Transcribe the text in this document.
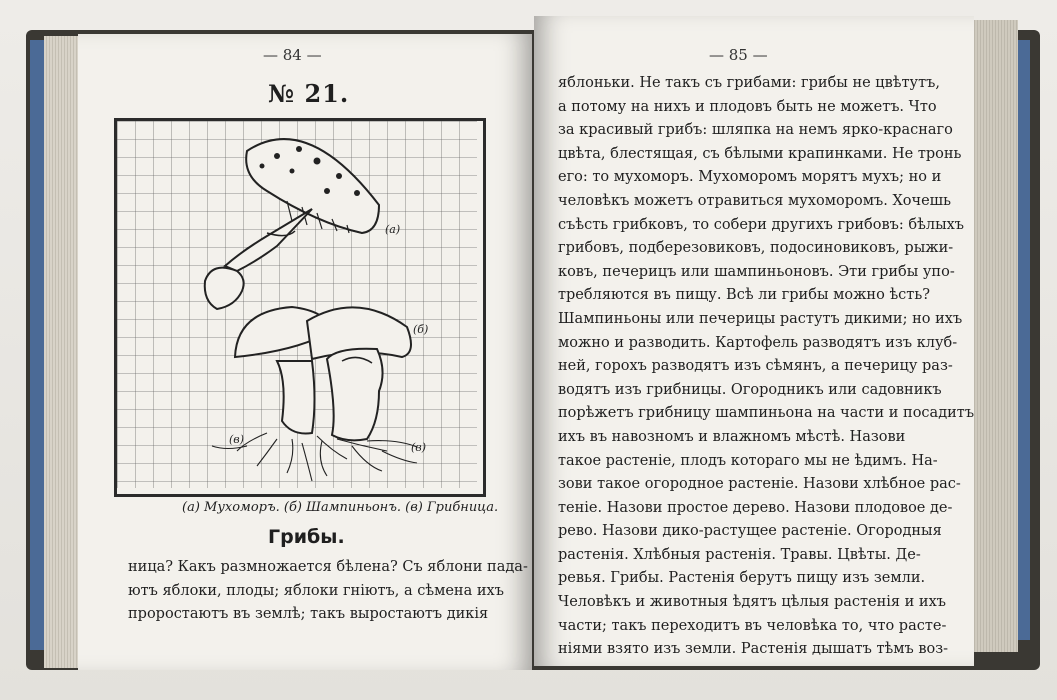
— 84 —
№ 21.
(а)
(б)
(в)
(в)
(а) Мухоморъ. (б) Шампиньонъ. (в) Грибница.
Грибы.
ница? Какъ размножается бѣлена? Съ яблони пада-
ютъ яблоки, плоды; яблоки гніютъ, а сѣмена ихъ
проростаютъ въ землѣ; такъ выростаютъ дикія
— 85 —
яблоньки. Не такъ съ грибами: грибы не цвѣтутъ,
а потому на нихъ и плодовъ быть не можетъ. Что
за красивый грибъ: шляпка на немъ ярко-краснаго
цвѣта, блестящая, съ бѣлыми крапинками. Не тронь
его: то мухоморъ. Мухоморомъ морятъ мухъ; но и
человѣкъ можетъ отравиться мухоморомъ. Хочешь
съѣсть грибковъ, то собери другихъ грибовъ: бѣлыхъ
грибовъ, подберезовиковъ, подосиновиковъ, рыжи-
ковъ, печерицъ или шампиньоновъ. Эти грибы упо-
требляются въ пищу. Всѣ ли грибы можно ѣсть?
Шампиньоны или печерицы растутъ дикими; но ихъ
можно и разводить. Картофель разводятъ изъ клуб-
ней, горохъ разводятъ изъ сѣмянъ, а печерицу раз-
водятъ изъ грибницы. Огородникъ или садовникъ
порѣжетъ грибницу шампиньона на части и посадитъ
ихъ въ навозномъ и влажномъ мѣстѣ. Назови
такое растеніе, плодъ котораго мы не ѣдимъ. На-
зови такое огородное растеніе. Назови хлѣбное рас-
теніе. Назови простое дерево. Назови плодовое де-
рево. Назови дико-растущее растеніе. Огородныя
растенія. Хлѣбныя растенія. Травы. Цвѣты. Де-
ревья. Грибы. Растенія берутъ пищу изъ земли.
Человѣкъ и животныя ѣдятъ цѣлыя растенія и ихъ
части; такъ переходитъ въ человѣка то, что расте-
ніями взято изъ земли. Растенія дышатъ тѣмъ воз-
